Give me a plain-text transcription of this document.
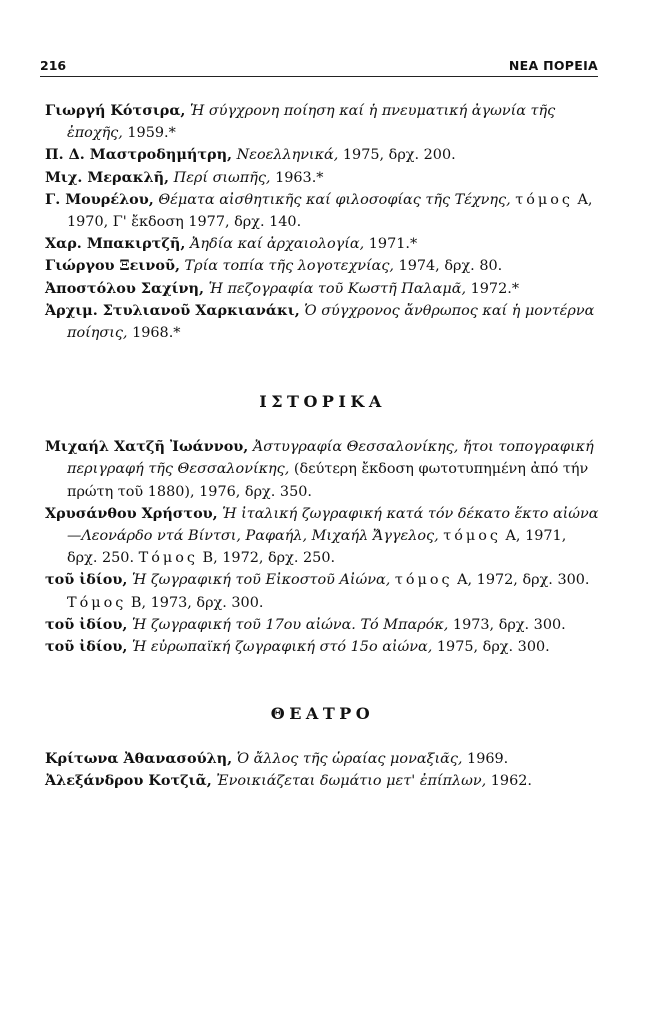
216	ΝΕΑ ΠΟΡΕΙΑ

Γιωργή Κότσιρα, Ἡ σύγχρονη ποίηση καί ἡ πνευματική ἀγωνία τῆς ἐποχῆς, 1959.*

Π. Δ. Μαστροδημήτρη, Νεοελληνικά, 1975, δρχ. 200.

Μιχ. Μερακλῆ, Περί σιωπῆς, 1963.*

Γ. Μουρέλου, Θέματα αἰσθητικῆς καί φιλοσοφίας τῆς Τέχνης, τόμος Α, 1970, Γ' ἔκδοση 1977, δρχ. 140.

Χαρ. Μπακιρτζῆ, Ἀηδία καί ἀρχαιολογία, 1971.*

Γιώργου Ξεινοῦ, Τρία τοπία τῆς λογοτεχνίας, 1974, δρχ. 80.

Ἀποστόλου Σαχίνη, Ἡ πεζογραφία τοῦ Κωστῆ Παλαμᾶ, 1972.*

Ἀρχιμ. Στυλιανοῦ Χαρκιανάκι, Ὁ σύγχρονος ἄνθρωπος καί ἡ μοντέρνα ποίησις, 1968.*

ΙΣΤΟΡΙΚΑ

Μιχαήλ Χατζῆ Ἰωάννου, Ἀστυγραφία Θεσσαλονίκης, ἤτοι τοπογραφική περιγραφή τῆς Θεσσαλονίκης, (δεύτερη ἔκδοση φωτοτυπημένη ἀπό τήν πρώτη τοῦ 1880), 1976, δρχ. 350.

Χρυσάνθου Χρήστου, Ἡ ἰταλική ζωγραφική κατά τόν δέκατο ἕκτο αἰώνα—Λεονάρδο ντά Βίντσι, Ραφαήλ, Μιχαήλ Ἄγγελος, τόμος Α, 1971, δρχ. 250. Τόμος Β, 1972, δρχ. 250.

τοῦ ἰδίου, Ἡ ζωγραφική τοῦ Εἰκοστοῦ Αἰώνα, τόμος Α, 1972, δρχ. 300. Τόμος Β, 1973, δρχ. 300.

τοῦ ἰδίου, Ἡ ζωγραφική τοῦ 17ου αἰώνα. Τό Μπαρόκ, 1973, δρχ. 300.

τοῦ ἰδίου, Ἡ εὐρωπαϊκή ζωγραφική στό 15ο αἰώνα, 1975, δρχ. 300.

ΘΕΑΤΡΟ

Κρίτωνα Ἀθανασούλη, Ὁ ἄλλος τῆς ὡραίας μοναξιᾶς, 1969.

Ἀλεξάνδρου Κοτζιᾶ, Ἐνοικιάζεται δωμάτιο μετ' ἐπίπλων, 1962.
